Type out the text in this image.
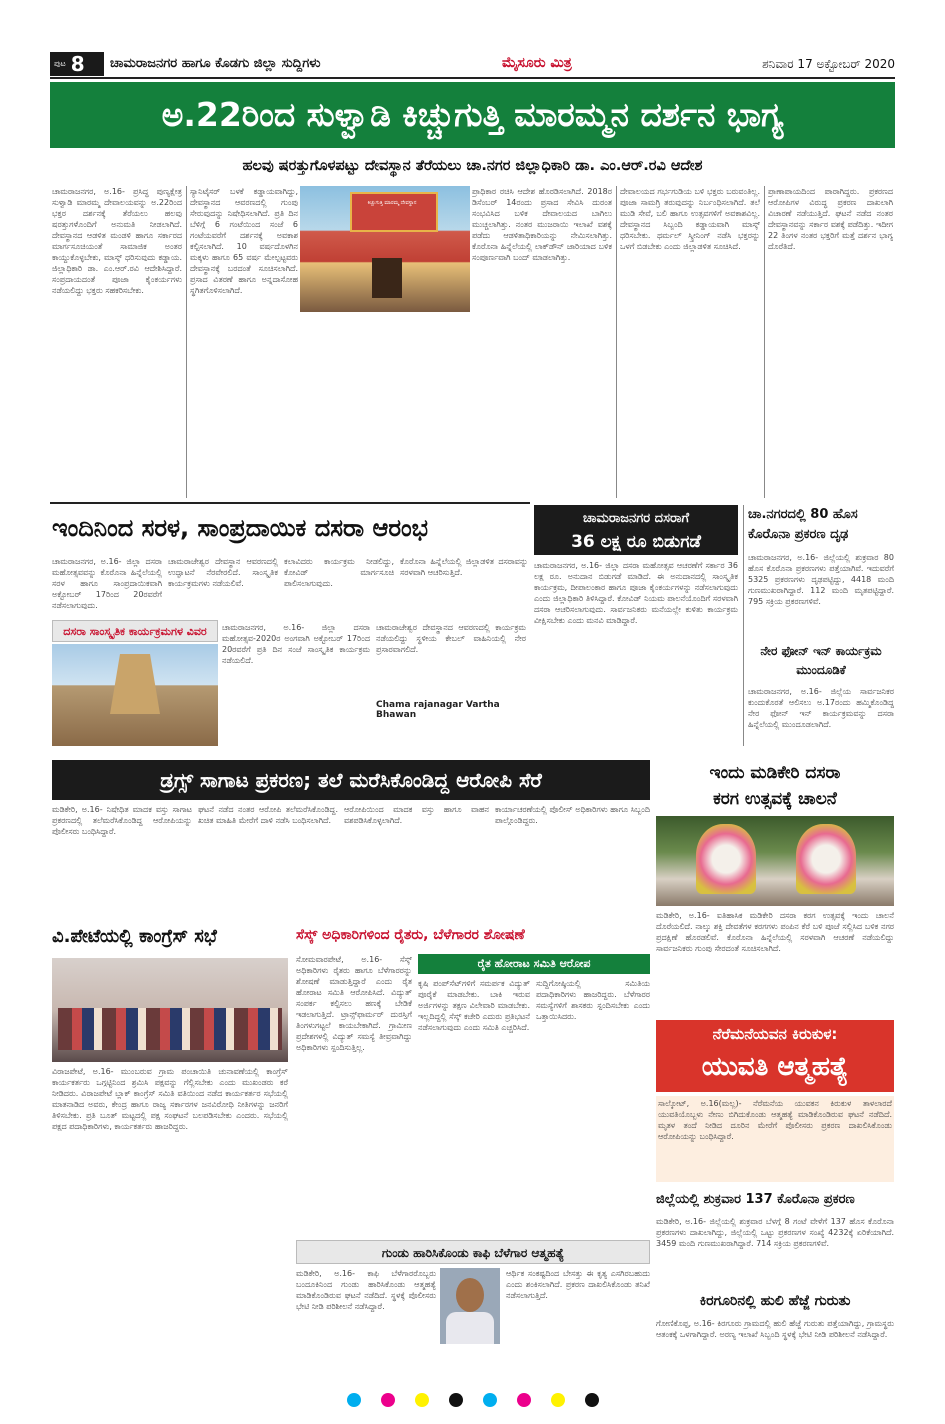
ಪುಟ 8 ಚಾಮರಾಜನಗರ ಹಾಗೂ ಕೊಡಗು ಜಿಲ್ಲಾ ಸುದ್ದಿಗಳು	ಮೈಸೂರು ಮಿತ್ರ	ಶನಿವಾರ 17 ಅಕ್ಟೋಬರ್ 2020
ಅ.22ರಿಂದ ಸುಳ್ವಾಡಿ ಕಿಚ್ಚುಗುತ್ತಿ ಮಾರಮ್ಮನ ದರ್ಶನ ಭಾಗ್ಯ
ಹಲವು ಷರತ್ತುಗೊಳಪಟ್ಟು ದೇವಸ್ಥಾನ ತೆರೆಯಲು ಚಾ.ನಗರ ಜಿಲ್ಲಾಧಿಕಾರಿ ಡಾ. ಎಂ.ಆರ್.ರವಿ ಆದೇಶ
ಚಾಮರಾಜನಗರ, ಅ.16- ಪ್ರಸಿದ್ಧ ಪುಣ್ಯಕ್ಷೇತ್ರ ಸುಳ್ವಾಡಿ ಮಾರಮ್ಮ ದೇವಾಲಯವನ್ನು ಅ.22ರಿಂದ ಭಕ್ತರ ದರ್ಶನಕ್ಕೆ ತೆರೆಯಲು ಹಲವು ಷರತ್ತುಗಳೊಂದಿಗೆ ಅನುಮತಿ ನೀಡಲಾಗಿದೆ. ದೇವಸ್ಥಾನದ ಆಡಳಿತ ಮಂಡಳಿ ಹಾಗೂ ಸರ್ಕಾರದ ಮಾರ್ಗಸೂಚಿಯಂತೆ ಸಾಮಾಜಿಕ ಅಂತರ ಕಾಯ್ದುಕೊಳ್ಳಬೇಕು, ಮಾಸ್ಕ್ ಧರಿಸುವುದು ಕಡ್ಡಾಯ. ಜಿಲ್ಲಾಧಿಕಾರಿ ಡಾ. ಎಂ.ಆರ್.ರವಿ ಆದೇಶಿಸಿದ್ದಾರೆ. ಸಂಪ್ರದಾಯದಂತೆ ಪೂಜಾ ಕೈಂಕರ್ಯಗಳು ನಡೆಯಲಿದ್ದು ಭಕ್ತರು ಸಹಕರಿಸಬೇಕು.
ಸ್ಯಾನಿಟೈಸರ್ ಬಳಕೆ ಕಡ್ಡಾಯವಾಗಿದ್ದು, ದೇವಸ್ಥಾನದ ಆವರಣದಲ್ಲಿ ಗುಂಪು ಸೇರುವುದನ್ನು ನಿಷೇಧಿಸಲಾಗಿದೆ. ಪ್ರತಿ ದಿನ ಬೆಳಿಗ್ಗೆ 6 ಗಂಟೆಯಿಂದ ಸಂಜೆ 6 ಗಂಟೆಯವರೆಗೆ ದರ್ಶನಕ್ಕೆ ಅವಕಾಶ ಕಲ್ಪಿಸಲಾಗಿದೆ. 10 ವರ್ಷದೊಳಗಿನ ಮಕ್ಕಳು ಹಾಗೂ 65 ವರ್ಷ ಮೇಲ್ಪಟ್ಟವರು ದೇವಸ್ಥಾನಕ್ಕೆ ಬರದಂತೆ ಸೂಚಿಸಲಾಗಿದೆ. ಪ್ರಸಾದ ವಿತರಣೆ ಹಾಗೂ ಅನ್ನದಾಸೋಹ ಸ್ಥಗಿತಗೊಳಿಸಲಾಗಿದೆ.
ಕಿಚ್ಚುಗುತ್ತಿ ಮಾರಮ್ಮ ದೇವಸ್ಥಾನ
ಪ್ರಾಧಿಕಾರ ರಚಿಸಿ ಆದೇಶ ಹೊರಡಿಸಲಾಗಿದೆ. 2018ರ ಡಿಸೆಂಬರ್ 14ರಂದು ಪ್ರಸಾದ ಸೇವಿಸಿ ದುರಂತ ಸಂಭವಿಸಿದ ಬಳಿಕ ದೇವಾಲಯದ ಬಾಗಿಲು ಮುಚ್ಚಲಾಗಿತ್ತು. ನಂತರ ಮುಜರಾಯಿ ಇಲಾಖೆ ವಶಕ್ಕೆ ಪಡೆದು ಆಡಳಿತಾಧಿಕಾರಿಯನ್ನು ನೇಮಿಸಲಾಗಿತ್ತು. ಕೊರೊನಾ ಹಿನ್ನೆಲೆಯಲ್ಲಿ ಲಾಕ್‌ಡೌನ್ ಜಾರಿಯಾದ ಬಳಿಕ ಸಂಪೂರ್ಣವಾಗಿ ಬಂದ್ ಮಾಡಲಾಗಿತ್ತು.
ದೇವಾಲಯದ ಗರ್ಭಗುಡಿಯ ಬಳಿ ಭಕ್ತರು ಬರುವಂತಿಲ್ಲ. ಪೂಜಾ ಸಾಮಗ್ರಿ ತರುವುದನ್ನು ನಿರ್ಬಂಧಿಸಲಾಗಿದೆ. ತಲೆ ಮುಡಿ ಸೇವೆ, ಬಲಿ ಹಾಗೂ ಉತ್ಸವಗಳಿಗೆ ಅವಕಾಶವಿಲ್ಲ. ದೇವಸ್ಥಾನದ ಸಿಬ್ಬಂದಿ ಕಡ್ಡಾಯವಾಗಿ ಮಾಸ್ಕ್ ಧರಿಸಬೇಕು. ಥರ್ಮಲ್ ಸ್ಕ್ರೀನಿಂಗ್ ನಡೆಸಿ ಭಕ್ತರನ್ನು ಒಳಗೆ ಬಿಡಬೇಕು ಎಂದು ಜಿಲ್ಲಾಡಳಿತ ಸೂಚಿಸಿದೆ.
ಪ್ರಾಣಾಪಾಯದಿಂದ ಪಾರಾಗಿದ್ದರು. ಪ್ರಕರಣದ ಆರೋಪಿಗಳ ವಿರುದ್ಧ ಪ್ರಕರಣ ದಾಖಲಾಗಿ ವಿಚಾರಣೆ ನಡೆಯುತ್ತಿದೆ. ಘಟನೆ ನಡೆದ ನಂತರ ದೇವಸ್ಥಾನವನ್ನು ಸರ್ಕಾರ ವಶಕ್ಕೆ ಪಡೆದಿತ್ತು. ಇದೀಗ 22 ತಿಂಗಳ ನಂತರ ಭಕ್ತರಿಗೆ ಮತ್ತೆ ದರ್ಶನ ಭಾಗ್ಯ ದೊರೆತಿದೆ.
ಇಂದಿನಿಂದ ಸರಳ, ಸಾಂಪ್ರದಾಯಿಕ ದಸರಾ ಆರಂಭ
ಚಾಮರಾಜನಗರ, ಅ.16- ಜಿಲ್ಲಾ ದಸರಾ ಮಹೋತ್ಸವವನ್ನು ಕೊರೊನಾ ಹಿನ್ನೆಲೆಯಲ್ಲಿ ಸರಳ ಹಾಗೂ ಸಾಂಪ್ರದಾಯಿಕವಾಗಿ ಅಕ್ಟೋಬರ್ 17ರಿಂದ 20ರವರೆಗೆ ನಡೆಸಲಾಗುವುದು.
ಚಾಮರಾಜೇಶ್ವರ ದೇವಸ್ಥಾನ ಆವರಣದಲ್ಲಿ ಉದ್ಘಾಟನೆ ನೆರವೇರಲಿದೆ. ಸಾಂಸ್ಕೃತಿಕ ಕಾರ್ಯಕ್ರಮಗಳು ನಡೆಯಲಿವೆ.
ಕಲಾವಿದರು ಕಾರ್ಯಕ್ರಮ ನೀಡಲಿದ್ದು, ಕೋವಿಡ್ ಮಾರ್ಗಸೂಚಿ ಪಾಲಿಸಲಾಗುವುದು.
ಕೊರೊನಾ ಹಿನ್ನೆಲೆಯಲ್ಲಿ ಜಿಲ್ಲಾಡಳಿತ ದಸರಾವನ್ನು ಸರಳವಾಗಿ ಆಚರಿಸುತ್ತಿದೆ.
ದಸರಾ ಸಾಂಸ್ಕೃತಿಕ ಕಾರ್ಯಕ್ರಮಗಳ ವಿವರ	ಚಾಮರಾಜನಗರ, ಅ.16- ಜಿಲ್ಲಾ ದಸರಾ ಮಹೋತ್ಸವ-2020ರ ಅಂಗವಾಗಿ ಅಕ್ಟೋಬರ್ 17ರಿಂದ 20ರವರೆಗೆ ಪ್ರತಿ ದಿನ ಸಂಜೆ ಸಾಂಸ್ಕೃತಿಕ ಕಾರ್ಯಕ್ರಮ ನಡೆಯಲಿದೆ.
ಚಾಮರಾಜೇಶ್ವರ ದೇವಸ್ಥಾನದ ಆವರಣದಲ್ಲಿ ಕಾರ್ಯಕ್ರಮ ನಡೆಯಲಿದ್ದು ಸ್ಥಳೀಯ ಕೇಬಲ್ ವಾಹಿನಿಯಲ್ಲಿ ನೇರ ಪ್ರಸಾರವಾಗಲಿದೆ.
Chama rajanagar Vartha Bhawan
ಚಾಮರಾಜನಗರ ದಸರಾಗೆ
36 ಲಕ್ಷ ರೂ ಬಿಡುಗಡೆ
ಚಾಮರಾಜನಗರ, ಅ.16- ಜಿಲ್ಲಾ ದಸರಾ ಮಹೋತ್ಸವ ಆಚರಣೆಗೆ ಸರ್ಕಾರ 36 ಲಕ್ಷ ರೂ. ಅನುದಾನ ಬಿಡುಗಡೆ ಮಾಡಿದೆ. ಈ ಅನುದಾನದಲ್ಲಿ ಸಾಂಸ್ಕೃತಿಕ ಕಾರ್ಯಕ್ರಮ, ದೀಪಾಲಂಕಾರ ಹಾಗೂ ಪೂಜಾ ಕೈಂಕರ್ಯಗಳನ್ನು ನಡೆಸಲಾಗುವುದು ಎಂದು ಜಿಲ್ಲಾಧಿಕಾರಿ ತಿಳಿಸಿದ್ದಾರೆ. ಕೋವಿಡ್ ನಿಯಮ ಪಾಲನೆಯೊಂದಿಗೆ ಸರಳವಾಗಿ ದಸರಾ ಆಚರಿಸಲಾಗುವುದು. ಸಾರ್ವಜನಿಕರು ಮನೆಯಲ್ಲೇ ಕುಳಿತು ಕಾರ್ಯಕ್ರಮ ವೀಕ್ಷಿಸಬೇಕು ಎಂದು ಮನವಿ ಮಾಡಿದ್ದಾರೆ.
ಚಾ.ನಗರದಲ್ಲಿ 80 ಹೊಸ ಕೊರೊನಾ ಪ್ರಕರಣ ದೃಢ
ಚಾಮರಾಜನಗರ, ಅ.16- ಜಿಲ್ಲೆಯಲ್ಲಿ ಶುಕ್ರವಾರ 80 ಹೊಸ ಕೊರೊನಾ ಪ್ರಕರಣಗಳು ಪತ್ತೆಯಾಗಿವೆ. ಇದುವರೆಗೆ 5325 ಪ್ರಕರಣಗಳು ದೃಢಪಟ್ಟಿದ್ದು, 4418 ಮಂದಿ ಗುಣಮುಖರಾಗಿದ್ದಾರೆ. 112 ಮಂದಿ ಮೃತಪಟ್ಟಿದ್ದಾರೆ. 795 ಸಕ್ರಿಯ ಪ್ರಕರಣಗಳಿವೆ.
ನೇರ ಫೋನ್ ಇನ್ ಕಾರ್ಯಕ್ರಮ ಮುಂದೂಡಿಕೆ
ಚಾಮರಾಜನಗರ, ಅ.16- ಜಿಲ್ಲೆಯ ಸಾರ್ವಜನಿಕರ ಕುಂದುಕೊರತೆ ಆಲಿಸಲು ಅ.17ರಂದು ಹಮ್ಮಿಕೊಂಡಿದ್ದ ನೇರ ಫೋನ್ ಇನ್ ಕಾರ್ಯಕ್ರಮವನ್ನು ದಸರಾ ಹಿನ್ನೆಲೆಯಲ್ಲಿ ಮುಂದೂಡಲಾಗಿದೆ.
ಡ್ರಗ್ಸ್ ಸಾಗಾಟ ಪ್ರಕರಣ; ತಲೆ ಮರೆಸಿಕೊಂಡಿದ್ದ ಆರೋಪಿ ಸೆರೆ
ಮಡಿಕೇರಿ, ಅ.16- ನಿಷೇಧಿತ ಮಾದಕ ವಸ್ತು ಸಾಗಾಟ ಪ್ರಕರಣದಲ್ಲಿ ತಲೆಮರೆಸಿಕೊಂಡಿದ್ದ ಆರೋಪಿಯನ್ನು ಪೊಲೀಸರು ಬಂಧಿಸಿದ್ದಾರೆ.
ಘಟನೆ ನಡೆದ ನಂತರ ಆರೋಪಿ ತಲೆಮರೆಸಿಕೊಂಡಿದ್ದ. ಖಚಿತ ಮಾಹಿತಿ ಮೇರೆಗೆ ದಾಳಿ ನಡೆಸಿ ಬಂಧಿಸಲಾಗಿದೆ.
ಆರೋಪಿಯಿಂದ ಮಾದಕ ವಸ್ತು ಹಾಗೂ ವಾಹನ ವಶಪಡಿಸಿಕೊಳ್ಳಲಾಗಿದೆ.
ಕಾರ್ಯಾಚರಣೆಯಲ್ಲಿ ಪೊಲೀಸ್ ಅಧಿಕಾರಿಗಳು ಹಾಗೂ ಸಿಬ್ಬಂದಿ ಪಾಲ್ಗೊಂಡಿದ್ದರು.
ಇಂದು ಮಡಿಕೇರಿ ದಸರಾ
ಕರಗ ಉತ್ಸವಕ್ಕೆ ಚಾಲನೆ
ಮಡಿಕೇರಿ, ಅ.16- ಐತಿಹಾಸಿಕ ಮಡಿಕೇರಿ ದಸರಾ ಕರಗ ಉತ್ಸವಕ್ಕೆ ಇಂದು ಚಾಲನೆ ದೊರೆಯಲಿದೆ. ನಾಲ್ಕು ಶಕ್ತಿ ದೇವತೆಗಳ ಕರಗಗಳು ಪಂಪಿನ ಕೆರೆ ಬಳಿ ಪೂಜೆ ಸಲ್ಲಿಸಿದ ಬಳಿಕ ನಗರ ಪ್ರದಕ್ಷಿಣೆ ಹೊರಡಲಿವೆ. ಕೊರೊನಾ ಹಿನ್ನೆಲೆಯಲ್ಲಿ ಸರಳವಾಗಿ ಆಚರಣೆ ನಡೆಯಲಿದ್ದು ಸಾರ್ವಜನಿಕರು ಗುಂಪು ಸೇರದಂತೆ ಸೂಚಿಸಲಾಗಿದೆ.
ವಿ.ಪೇಟೆಯಲ್ಲಿ ಕಾಂಗ್ರೆಸ್ ಸಭೆ
ವಿರಾಜಪೇಟೆ, ಅ.16- ಮುಂಬರುವ ಗ್ರಾಮ ಪಂಚಾಯಿತಿ ಚುನಾವಣೆಯಲ್ಲಿ ಕಾಂಗ್ರೆಸ್ ಕಾರ್ಯಕರ್ತರು ಒಗ್ಗಟ್ಟಿನಿಂದ ಶ್ರಮಿಸಿ ಪಕ್ಷವನ್ನು ಗೆಲ್ಲಿಸಬೇಕು ಎಂದು ಮುಖಂಡರು ಕರೆ ನೀಡಿದರು. ವಿರಾಜಪೇಟೆ ಬ್ಲಾಕ್ ಕಾಂಗ್ರೆಸ್ ಸಮಿತಿ ವತಿಯಿಂದ ನಡೆದ ಕಾರ್ಯಕರ್ತರ ಸಭೆಯಲ್ಲಿ ಮಾತನಾಡಿದ ಅವರು, ಕೇಂದ್ರ ಹಾಗೂ ರಾಜ್ಯ ಸರ್ಕಾರಗಳ ಜನವಿರೋಧಿ ನೀತಿಗಳನ್ನು ಜನರಿಗೆ ತಿಳಿಸಬೇಕು. ಪ್ರತಿ ಬೂತ್ ಮಟ್ಟದಲ್ಲಿ ಪಕ್ಷ ಸಂಘಟನೆ ಬಲಪಡಿಸಬೇಕು ಎಂದರು. ಸಭೆಯಲ್ಲಿ ಪಕ್ಷದ ಪದಾಧಿಕಾರಿಗಳು, ಕಾರ್ಯಕರ್ತರು ಹಾಜರಿದ್ದರು.
ಸೆಸ್ಕ್ ಅಧಿಕಾರಿಗಳಿಂದ ರೈತರು, ಬೆಳೆಗಾರರ ಶೋಷಣೆ
ಸೋಮವಾರಪೇಟೆ, ಅ.16- ಸೆಸ್ಕ್ ಅಧಿಕಾರಿಗಳು ರೈತರು ಹಾಗೂ ಬೆಳೆಗಾರರನ್ನು ಶೋಷಣೆ ಮಾಡುತ್ತಿದ್ದಾರೆ ಎಂದು ರೈತ ಹೋರಾಟ ಸಮಿತಿ ಆರೋಪಿಸಿದೆ. ವಿದ್ಯುತ್ ಸಂಪರ್ಕ ಕಲ್ಪಿಸಲು ಹಣಕ್ಕೆ ಬೇಡಿಕೆ ಇಡಲಾಗುತ್ತಿದೆ. ಟ್ರಾನ್ಸ್‌ಫಾರ್ಮರ್ ದುರಸ್ತಿಗೆ ತಿಂಗಳುಗಟ್ಟಲೆ ಕಾಯಬೇಕಾಗಿದೆ. ಗ್ರಾಮೀಣ ಪ್ರದೇಶಗಳಲ್ಲಿ ವಿದ್ಯುತ್ ಸಮಸ್ಯೆ ತೀವ್ರವಾಗಿದ್ದು ಅಧಿಕಾರಿಗಳು ಸ್ಪಂದಿಸುತ್ತಿಲ್ಲ.
ರೈತ ಹೋರಾಟ ಸಮಿತಿ ಆರೋಪ
ಕೃಷಿ ಪಂಪ್‌ಸೆಟ್‌ಗಳಿಗೆ ಸಮರ್ಪಕ ವಿದ್ಯುತ್ ಪೂರೈಕೆ ಮಾಡಬೇಕು. ಬಾಕಿ ಇರುವ ಅರ್ಜಿಗಳನ್ನು ತಕ್ಷಣ ವಿಲೇವಾರಿ ಮಾಡಬೇಕು. ಇಲ್ಲದಿದ್ದಲ್ಲಿ ಸೆಸ್ಕ್ ಕಚೇರಿ ಎದುರು ಪ್ರತಿಭಟನೆ ನಡೆಸಲಾಗುವುದು ಎಂದು ಸಮಿತಿ ಎಚ್ಚರಿಸಿದೆ.
ಸುದ್ದಿಗೋಷ್ಠಿಯಲ್ಲಿ ಸಮಿತಿಯ ಪದಾಧಿಕಾರಿಗಳು ಹಾಜರಿದ್ದರು. ಬೆಳೆಗಾರರ ಸಮಸ್ಯೆಗಳಿಗೆ ಶಾಸಕರು ಸ್ಪಂದಿಸಬೇಕು ಎಂದು ಒತ್ತಾಯಿಸಿದರು.
ಗುಂಡು ಹಾರಿಸಿಕೊಂಡು ಕಾಫಿ ಬೆಳೆಗಾರ ಆತ್ಮಹತ್ಯೆ
ಮಡಿಕೇರಿ, ಅ.16- ಕಾಫಿ ಬೆಳೆಗಾರರೊಬ್ಬರು ಬಂದೂಕಿನಿಂದ ಗುಂಡು ಹಾರಿಸಿಕೊಂಡು ಆತ್ಮಹತ್ಯೆ ಮಾಡಿಕೊಂಡಿರುವ ಘಟನೆ ನಡೆದಿದೆ. ಸ್ಥಳಕ್ಕೆ ಪೊಲೀಸರು ಭೇಟಿ ನೀಡಿ ಪರಿಶೀಲನೆ ನಡೆಸಿದ್ದಾರೆ.
ಆರ್ಥಿಕ ಸಂಕಷ್ಟದಿಂದ ಬೇಸತ್ತು ಈ ಕೃತ್ಯ ಎಸಗಿರಬಹುದು ಎಂದು ಶಂಕಿಸಲಾಗಿದೆ. ಪ್ರಕರಣ ದಾಖಲಿಸಿಕೊಂಡು ತನಿಖೆ ನಡೆಸಲಾಗುತ್ತಿದೆ.
ನೆರೆಮನೆಯವನ ಕಿರುಕುಳ:
ಯುವತಿ ಆತ್ಮಹತ್ಯೆ
ಸಾಲ್ಕೋಟ್, ಅ.16(ಮಲ್ಲ)- ನೆರೆಮನೆಯ ಯುವಕನ ಕಿರುಕುಳ ತಾಳಲಾರದೆ ಯುವತಿಯೊಬ್ಬಳು ನೇಣು ಬಿಗಿದುಕೊಂಡು ಆತ್ಮಹತ್ಯೆ ಮಾಡಿಕೊಂಡಿರುವ ಘಟನೆ ನಡೆದಿದೆ. ಮೃತಳ ತಂದೆ ನೀಡಿದ ದೂರಿನ ಮೇರೆಗೆ ಪೊಲೀಸರು ಪ್ರಕರಣ ದಾಖಲಿಸಿಕೊಂಡು ಆರೋಪಿಯನ್ನು ಬಂಧಿಸಿದ್ದಾರೆ.
ಜಿಲ್ಲೆಯಲ್ಲಿ ಶುಕ್ರವಾರ 137 ಕೊರೊನಾ ಪ್ರಕರಣ
ಮಡಿಕೇರಿ, ಅ.16- ಜಿಲ್ಲೆಯಲ್ಲಿ ಶುಕ್ರವಾರ ಬೆಳಗ್ಗೆ 8 ಗಂಟೆ ವೇಳೆಗೆ 137 ಹೊಸ ಕೊರೊನಾ ಪ್ರಕರಣಗಳು ದಾಖಲಾಗಿದ್ದು, ಜಿಲ್ಲೆಯಲ್ಲಿ ಒಟ್ಟು ಪ್ರಕರಣಗಳ ಸಂಖ್ಯೆ 4232ಕ್ಕೆ ಏರಿಕೆಯಾಗಿದೆ. 3459 ಮಂದಿ ಗುಣಮುಖರಾಗಿದ್ದಾರೆ. 714 ಸಕ್ರಿಯ ಪ್ರಕರಣಗಳಿವೆ.
ಕಿರಗೂರಿನಲ್ಲಿ ಹುಲಿ ಹೆಜ್ಜೆ ಗುರುತು
ಗೋಣಿಕೊಪ್ಪ, ಅ.16- ಕಿರಗೂರು ಗ್ರಾಮದಲ್ಲಿ ಹುಲಿ ಹೆಜ್ಜೆ ಗುರುತು ಪತ್ತೆಯಾಗಿದ್ದು, ಗ್ರಾಮಸ್ಥರು ಆತಂಕಕ್ಕೆ ಒಳಗಾಗಿದ್ದಾರೆ. ಅರಣ್ಯ ಇಲಾಖೆ ಸಿಬ್ಬಂದಿ ಸ್ಥಳಕ್ಕೆ ಭೇಟಿ ನೀಡಿ ಪರಿಶೀಲನೆ ನಡೆಸಿದ್ದಾರೆ.
